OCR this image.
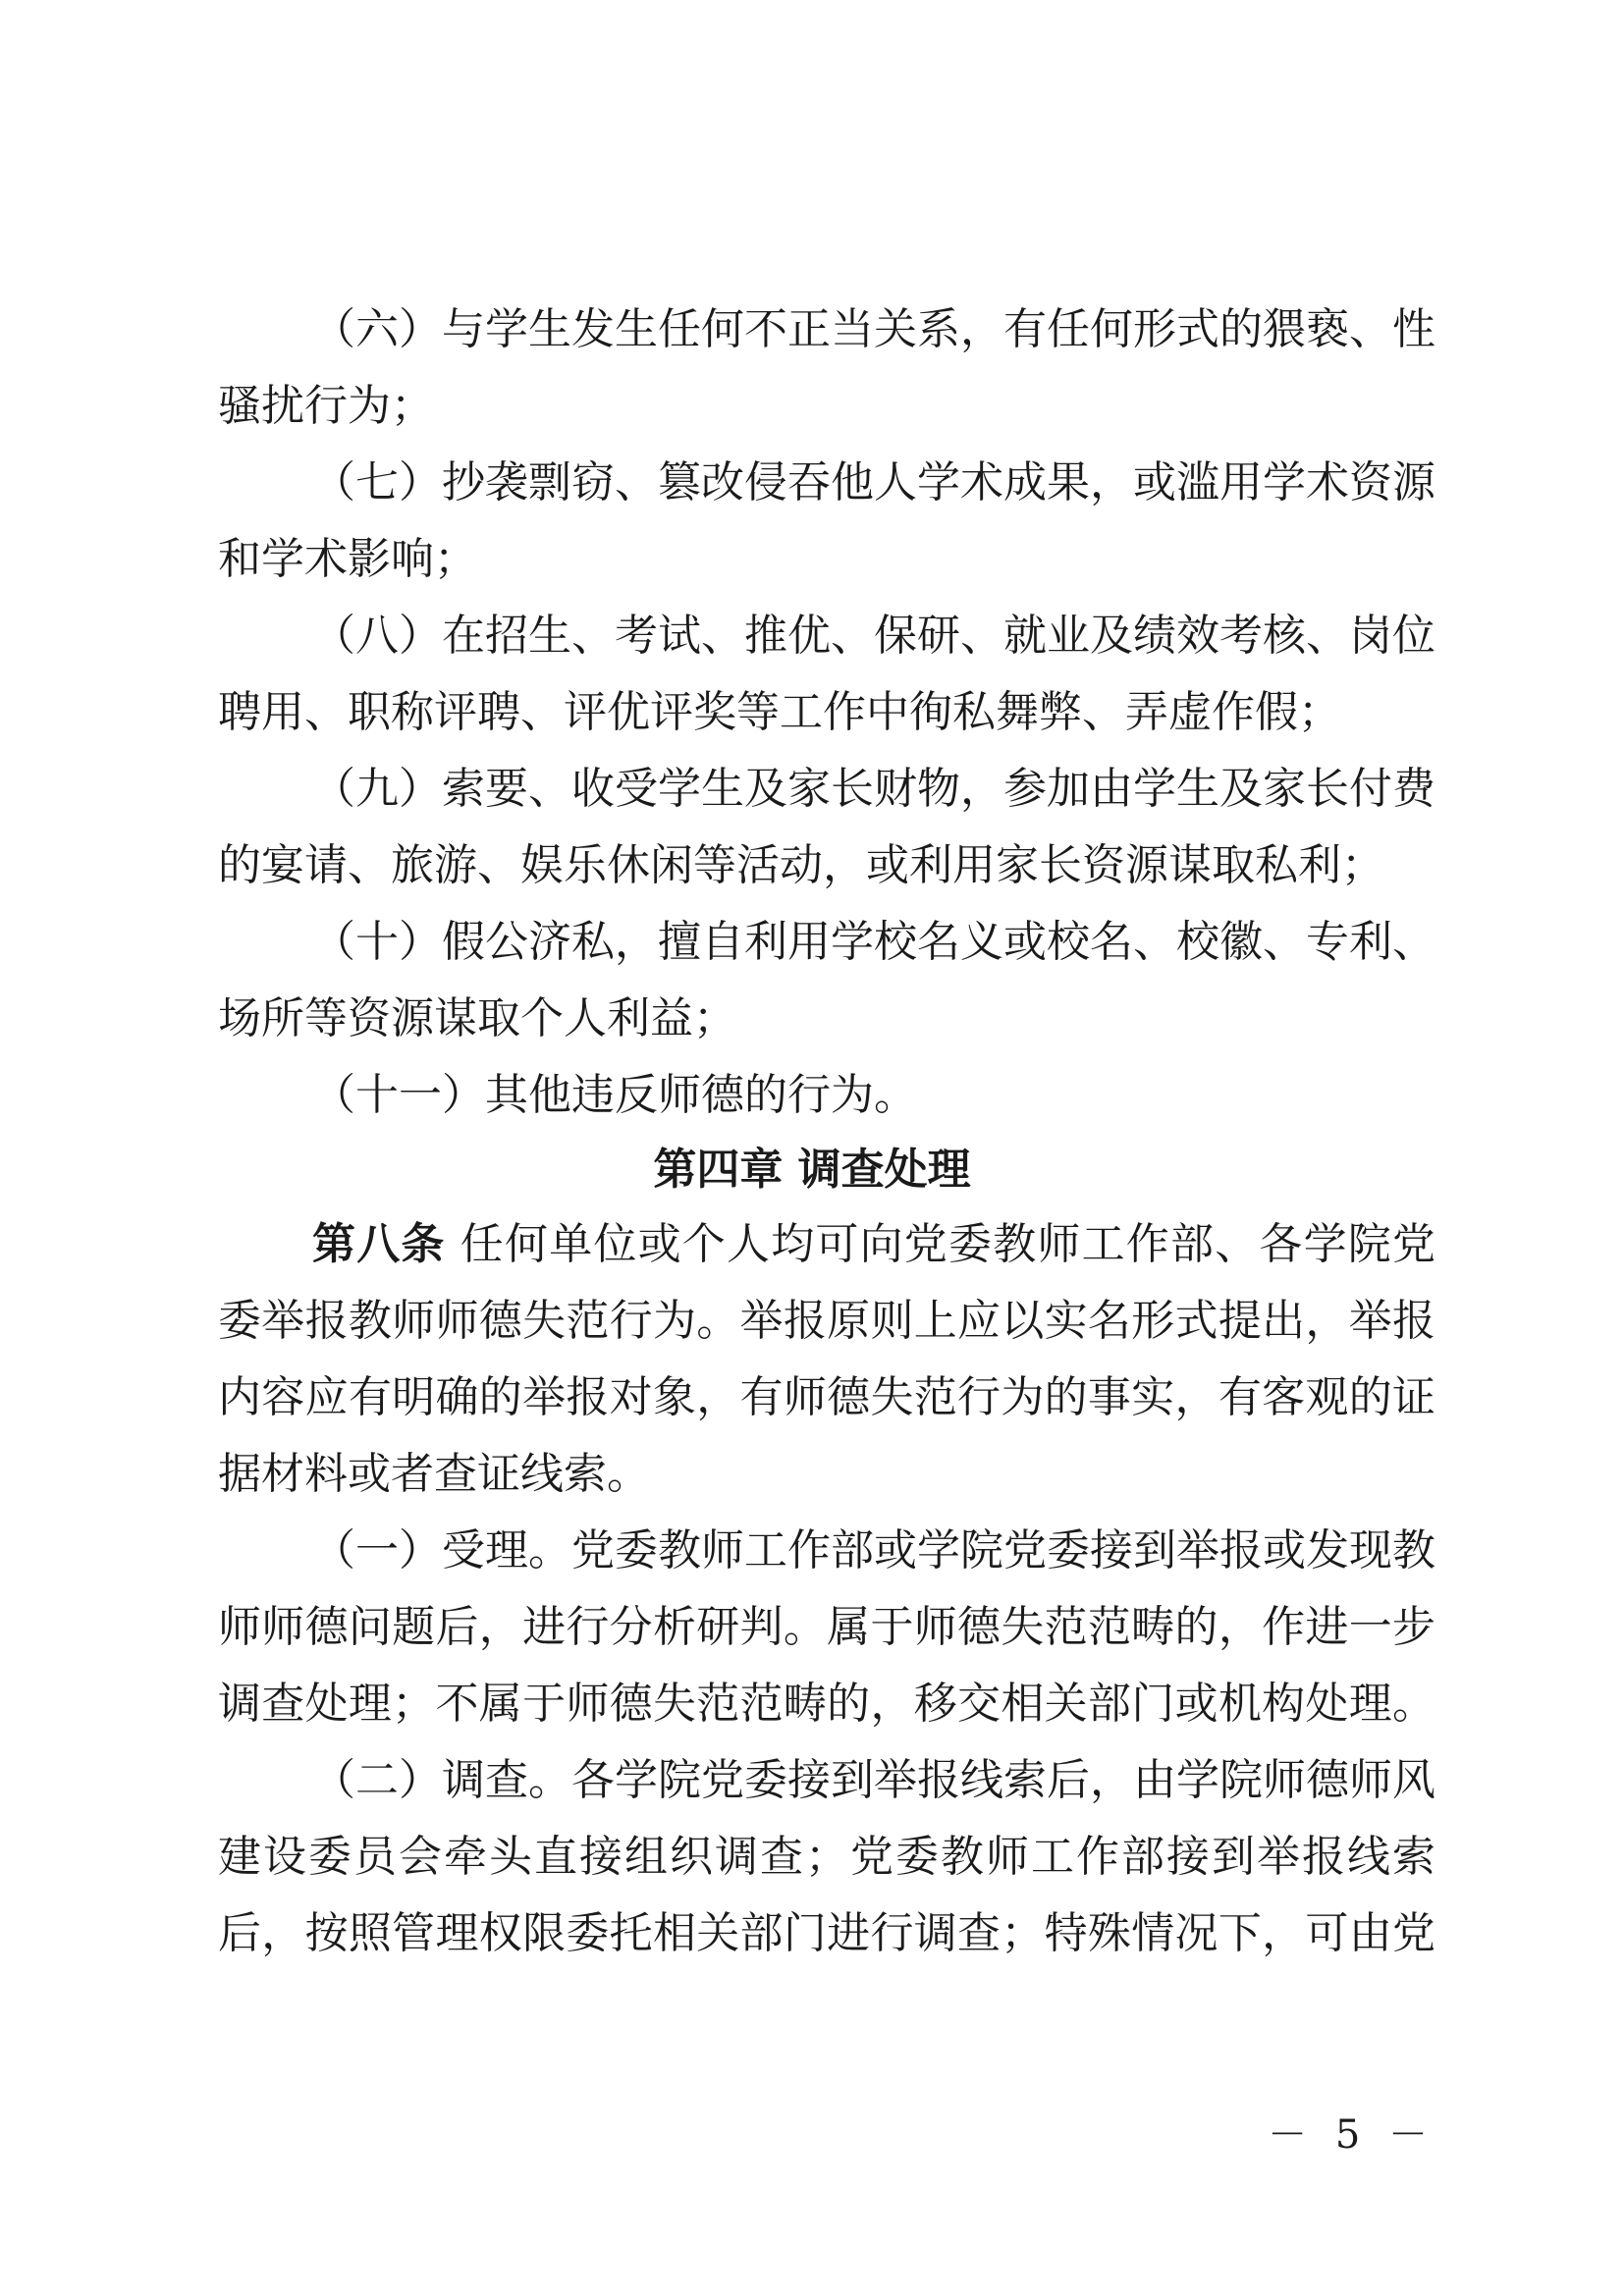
（六）与学生发生任何不正当关系，有任何形式的猥亵、性
骚扰行为；
（七）抄袭剽窃、篡改侵吞他人学术成果，或滥用学术资源
和学术影响；
（八）在招生、考试、推优、保研、就业及绩效考核、岗位
聘用、职称评聘、评优评奖等工作中徇私舞弊、弄虚作假；
（九）索要、收受学生及家长财物，参加由学生及家长付费
的宴请、旅游、娱乐休闲等活动，或利用家长资源谋取私利；
（十）假公济私，擅自利用学校名义或校名、校徽、专利、
场所等资源谋取个人利益；
（十一）其他违反师德的行为。
第四章 调查处理
第八条 任何单位或个人均可向党委教师工作部、各学院党
委举报教师师德失范行为。举报原则上应以实名形式提出，举报
内容应有明确的举报对象，有师德失范行为的事实，有客观的证
据材料或者查证线索。
（一）受理。党委教师工作部或学院党委接到举报或发现教
师师德问题后，进行分析研判。属于师德失范范畴的，作进一步
调查处理；不属于师德失范范畴的，移交相关部门或机构处理。
（二）调查。各学院党委接到举报线索后，由学院师德师风
建设委员会牵头直接组织调查；党委教师工作部接到举报线索
后，按照管理权限委托相关部门进行调查；特殊情况下，可由党
－ 5 －
